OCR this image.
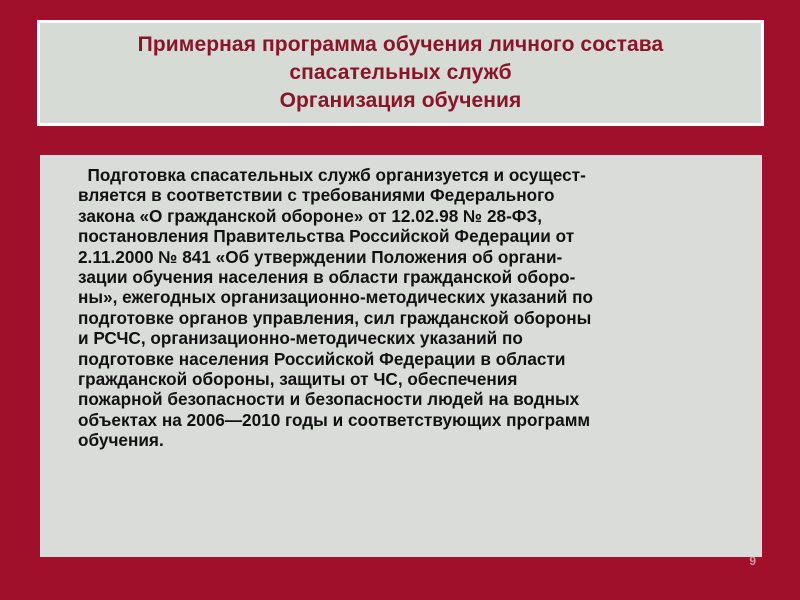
Примерная программа обучения личного состава
спасательных служб
Организация обучения
Подготовка спасательных служб организуется и осущест-
вляется в соответствии с требованиями Федерального
закона «О гражданской обороне» от 12.02.98 № 28-ФЗ,
постановления Правительства Российской Федерации от
2.11.2000 № 841 «Об утверждении Положения об органи-
зации обучения населения в области гражданской оборо-
ны», ежегодных организационно-методических указаний по
подготовке органов управления, сил гражданской обороны
и РСЧС, организационно-методических указаний по
подготовке населения Российской Федерации в области
гражданской обороны, защиты от ЧС, обеспечения
пожарной безопасности и безопасности людей на водных
объектах на 2006—2010 годы и соответствующих программ
обучения.
9
